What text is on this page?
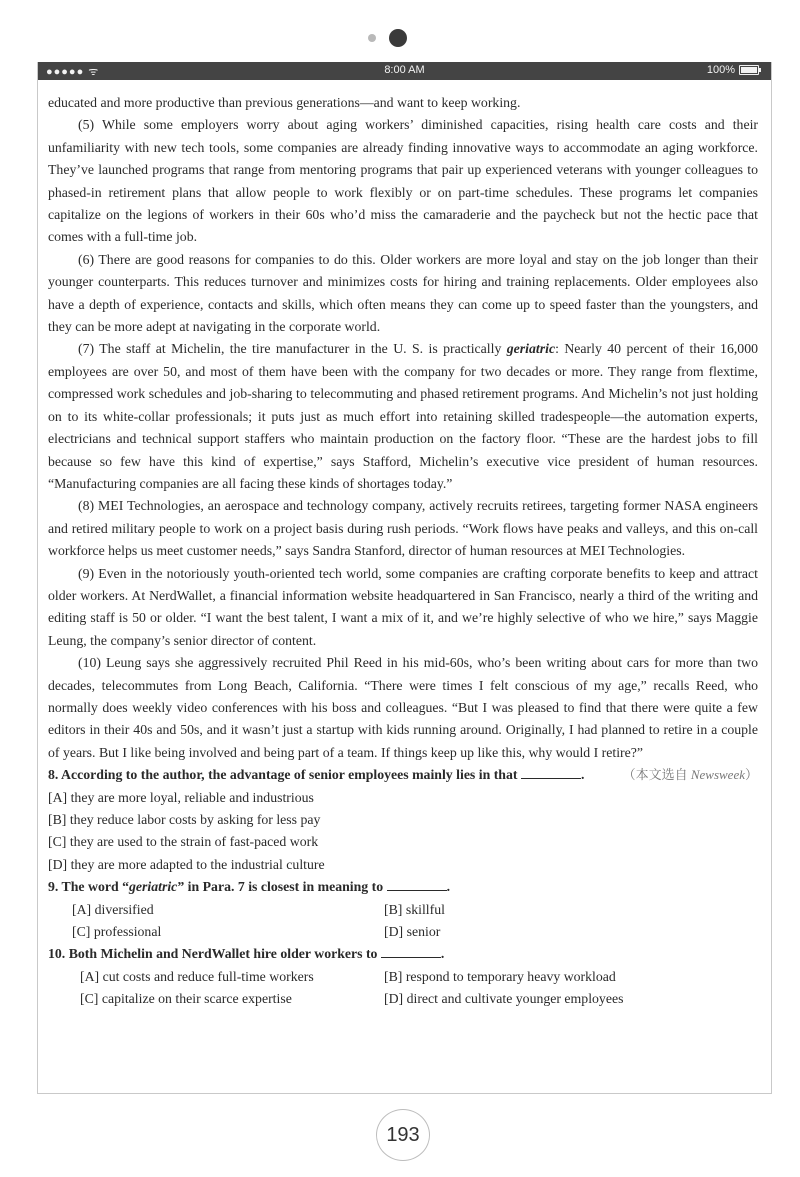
●●●●● ᯤ	8:00 AM	100%

educated and more productive than previous generations—and want to keep working.

(5) While some employers worry about aging workers’ diminished capacities, rising health care costs and their unfamiliarity with new tech tools, some companies are already finding innovative ways to accommodate an aging workforce. They’ve launched programs that range from mentoring programs that pair up experienced veterans with younger colleagues to phased-in retirement plans that allow people to work flexibly or on part-time schedules. These programs let companies capitalize on the legions of workers in their 60s who’d miss the camaraderie and the paycheck but not the hectic pace that comes with a full-time job.

(6) There are good reasons for companies to do this. Older workers are more loyal and stay on the job longer than their younger counterparts. This reduces turnover and minimizes costs for hiring and training replacements. Older employees also have a depth of experience, contacts and skills, which often means they can come up to speed faster than the youngsters, and they can be more adept at navigating in the corporate world.

(7) The staff at Michelin, the tire manufacturer in the U. S. is practically geriatric: Nearly 40 percent of their 16,000 employees are over 50, and most of them have been with the company for two decades or more. They range from flextime, compressed work schedules and job-sharing to telecommuting and phased retirement programs. And Michelin’s not just holding on to its white-collar professionals; it puts just as much effort into retaining skilled tradespeople—the automation experts, electricians and technical support staffers who maintain production on the factory floor. “These are the hardest jobs to fill because so few have this kind of expertise,” says Stafford, Michelin’s executive vice president of human resources. “Manufacturing companies are all facing these kinds of shortages today.”

(8) MEI Technologies, an aerospace and technology company, actively recruits retirees, targeting former NASA engineers and retired military people to work on a project basis during rush periods. “Work flows have peaks and valleys, and this on-call workforce helps us meet customer needs,” says Sandra Stanford, director of human resources at MEI Technologies.

(9) Even in the notoriously youth-oriented tech world, some companies are crafting corporate benefits to keep and attract older workers. At NerdWallet, a financial information website headquartered in San Francisco, nearly a third of the writing and editing staff is 50 or older. “I want the best talent, I want a mix of it, and we’re highly selective of who we hire,” says Maggie Leung, the company’s senior director of content.

(10) Leung says she aggressively recruited Phil Reed in his mid-60s, who’s been writing about cars for more than two decades, telecommutes from Long Beach, California. “There were times I felt conscious of my age,” recalls Reed, who normally does weekly video conferences with his boss and colleagues. “But I was pleased to find that there were quite a few editors in their 40s and 50s, and it wasn’t just a startup with kids running around. Originally, I had planned to retire in a couple of years. But I like being involved and being part of a team. If things keep up like this, why would I retire?”
（本文选自 Newsweek）

8. According to the author, the advantage of senior employees mainly lies in that	.

[A] they are more loyal, reliable and industrious

[B] they reduce labor costs by asking for less pay

[C] they are used to the strain of fast-paced work

[D] they are more adapted to the industrial culture

9. The word “geriatric” in Para. 7 is closest in meaning to	.

[A] diversified	[B] skillful
[C] professional	[D] senior

10. Both Michelin and NerdWallet hire older workers to	.

[A] cut costs and reduce full-time workers	[B] respond to temporary heavy workload
[C] capitalize on their scarce expertise	[D] direct and cultivate younger employees
193
